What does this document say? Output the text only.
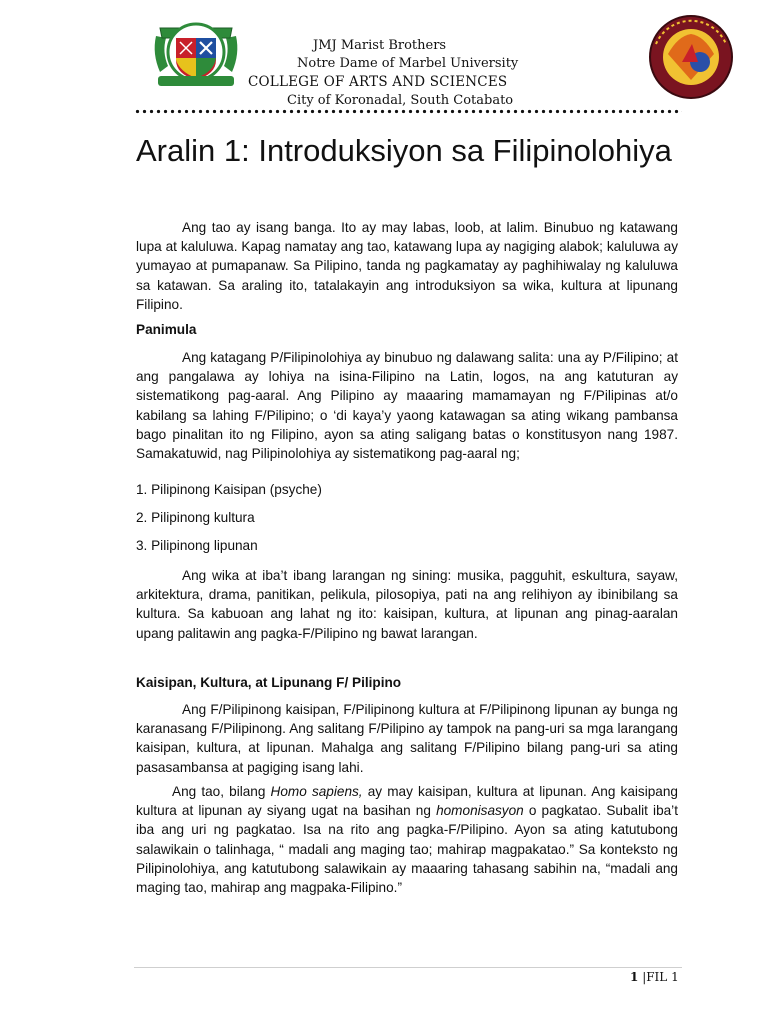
JMJ Marist Brothers
Notre Dame of Marbel University
COLLEGE OF ARTS AND SCIENCES
City of Koronadal, South Cotabato
Aralin 1: Introduksiyon sa Filipinolohiya

Ang tao ay isang banga. Ito ay may labas, loob, at lalim. Binubuo ng katawang lupa at kaluluwa. Kapag namatay ang tao, katawang lupa ay nagiging alabok; kaluluwa ay yumayao at pumapanaw. Sa Pilipino, tanda ng pagkamatay ay paghihiwalay ng kaluluwa sa katawan. Sa araling ito, tatalakayin ang introduksiyon sa wika, kultura at lipunang Filipino.

Panimula

Ang katagang P/Filipinolohiya ay binubuo ng dalawang salita: una ay P/Filipino; at ang pangalawa ay lohiya na isina-Filipino na Latin, logos, na ang katuturan ay sistematikong pag-aaral. Ang Pilipino ay maaaring mamamayan ng F/Pilipinas at/o kabilang sa lahing F/Pilipino; o ‘di kaya’y yaong katawagan sa ating wikang pambansa bago pinalitan ito ng Filipino, ayon sa ating saligang batas o konstitusyon nang 1987. Samakatuwid, nag Pilipinolohiya ay sistematikong pag-aaral ng;

1. Pilipinong Kaisipan (psyche)

2. Pilipinong kultura

3. Pilipinong lipunan

Ang wika at iba’t ibang larangan ng sining: musika, pagguhit, eskultura, sayaw, arkitektura, drama, panitikan, pelikula, pilosopiya, pati na ang relihiyon ay ibinibilang sa kultura. Sa kabuoan ang lahat ng ito: kaisipan, kultura, at lipunan ang pinag-aaralan upang palitawin ang pagka-F/Pilipino ng bawat larangan.

Kaisipan, Kultura, at Lipunang F/ Pilipino

Ang F/Pilipinong kaisipan, F/Pilipinong kultura at F/Pilipinong lipunan ay bunga ng karanasang F/Pilipinong. Ang salitang F/Pilipino ay tampok na pang-uri sa mga larangang kaisipan, kultura, at lipunan. Mahalga ang salitang F/Pilipino bilang pang-uri sa ating pasasambansa at pagiging isang lahi.

Ang tao, bilang Homo sapiens, ay may kaisipan, kultura at lipunan. Ang kaisipang kultura at lipunan ay siyang ugat na basihan ng homonisasyon o pagkatao. Subalit iba’t iba ang uri ng pagkatao. Isa na rito ang pagka-F/Pilipino. Ayon sa ating katutubong salawikain o talinhaga, “ madali ang maging tao; mahirap magpakatao.” Sa konteksto ng Pilipinolohiya, ang katutubong salawikain ay maaaring tahasang sabihin na, “madali ang maging tao, mahirap ang magpaka-Filipino.”

1 |FIL 1
